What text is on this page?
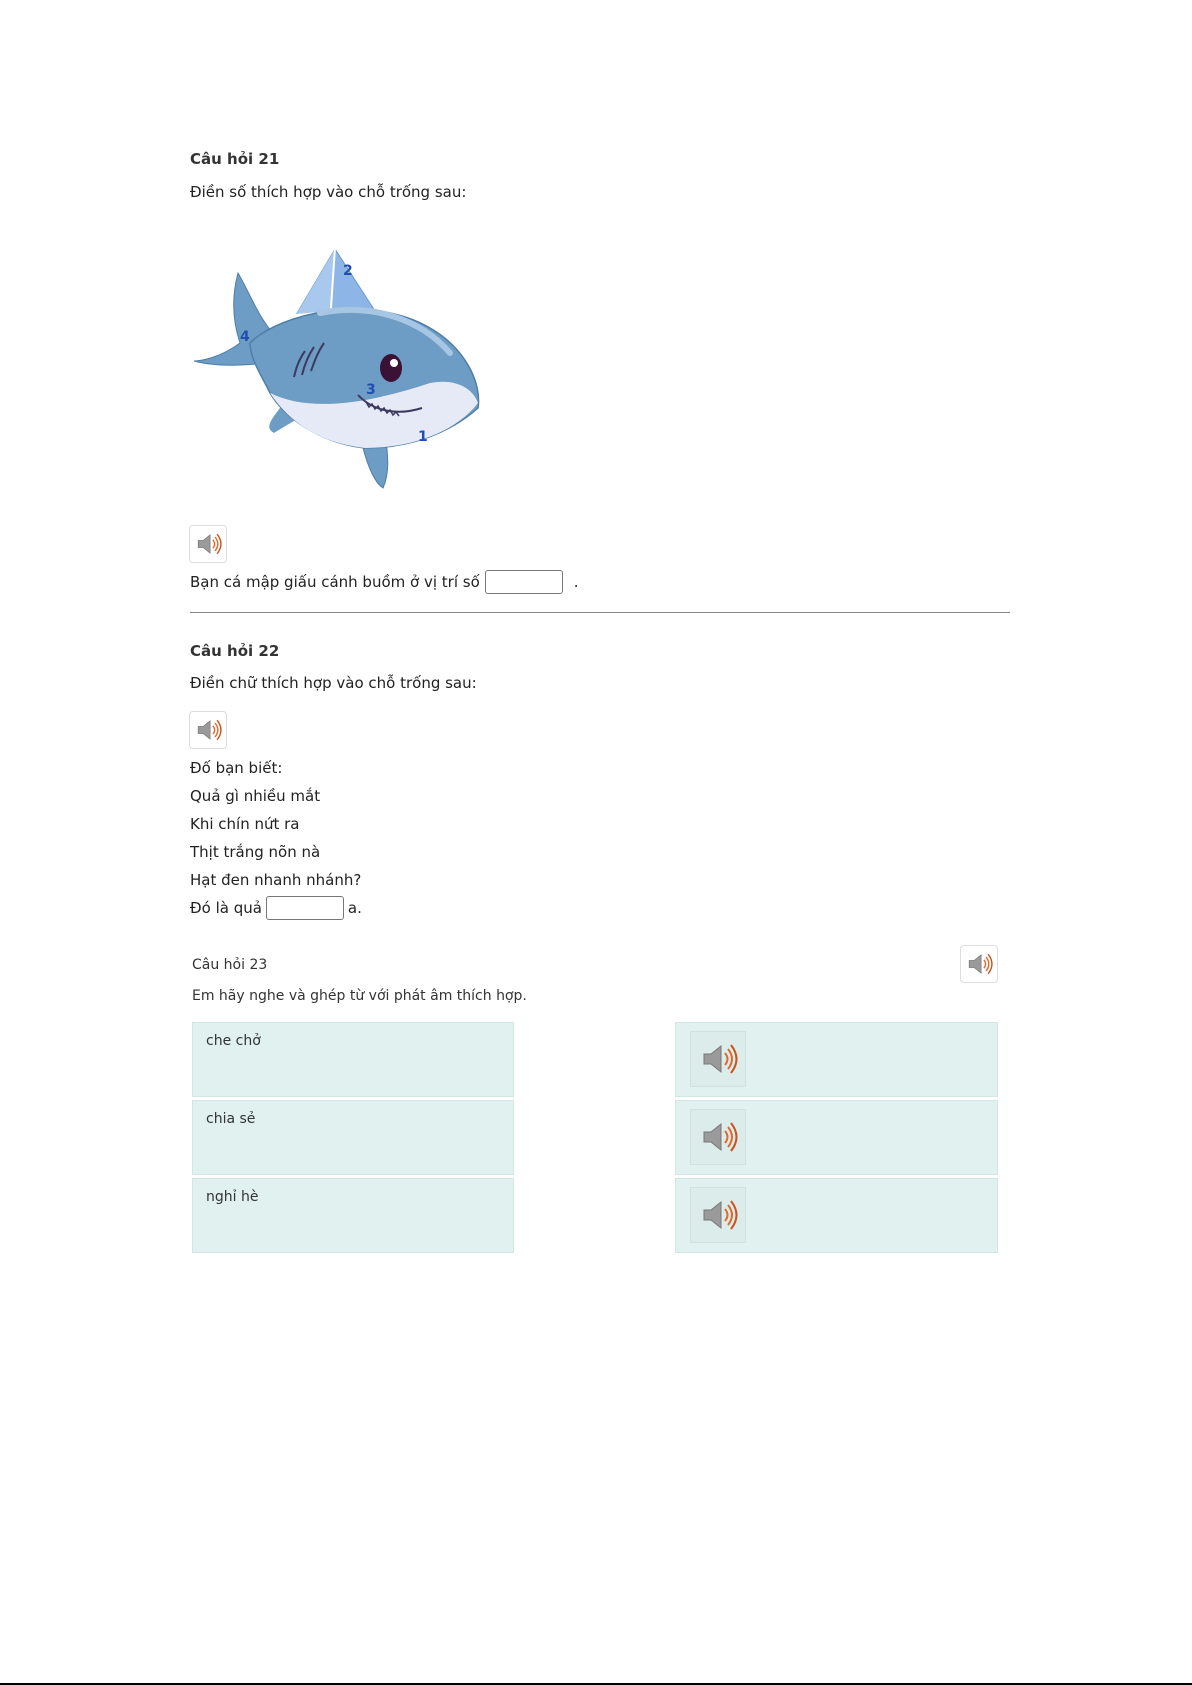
Câu hỏi 21
Điền số thích hợp vào chỗ trống sau:
2
4
3
1
Bạn cá mập giấu cánh buồm ở vị trí số	.
Câu hỏi 22
Điền chữ thích hợp vào chỗ trống sau:
Đố bạn biết:
Quả gì nhiều mắt
Khi chín nứt ra
Thịt trắng nõn nà
Hạt đen nhanh nhánh?
Đó là quả	a.
Câu hỏi 23
Em hãy nghe và ghép từ với phát âm thích hợp.
che chở
chia sẻ
nghỉ hè
